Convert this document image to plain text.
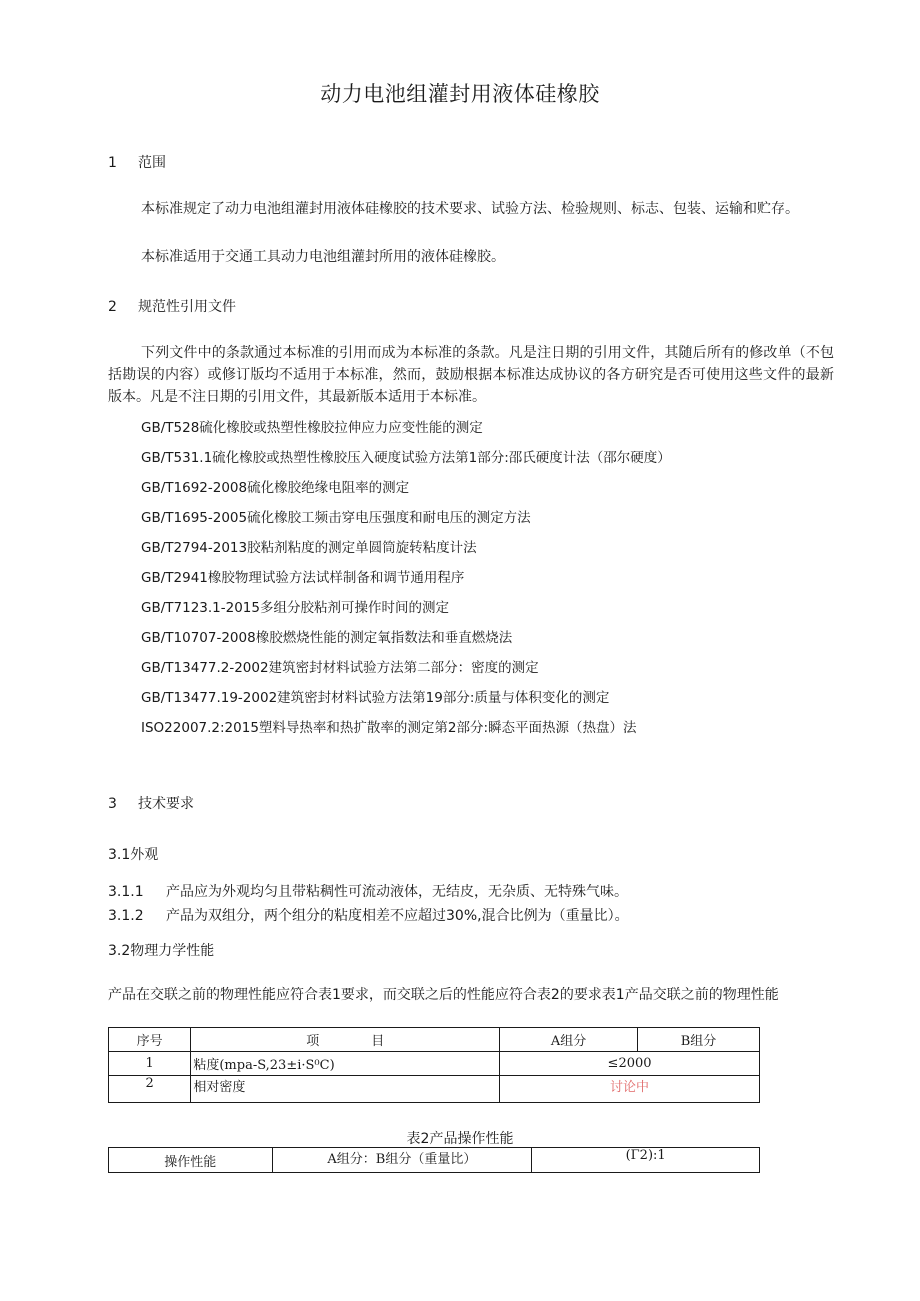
动力电池组灌封用液体硅橡胶
1 范围
本标准规定了动力电池组灌封用液体硅橡胶的技术要求、试验方法、检验规则、标志、包装、运输和贮存。
本标准适用于交通工具动力电池组灌封所用的液体硅橡胶。
2 规范性引用文件
下列文件中的条款通过本标准的引用而成为本标准的条款。凡是注日期的引用文件，其随后所有的修改单（不包括勘误的内容）或修订版均不适用于本标准，然而，鼓励根据本标准达成协议的各方研究是否可使用这些文件的最新版本。凡是不注日期的引用文件，其最新版本适用于本标准。
GB/T528硫化橡胶或热塑性橡胶拉伸应力应变性能的测定
GB/T531.1硫化橡胶或热塑性橡胶压入硬度试验方法第1部分:邵氏硬度计法（邵尔硬度）
GB/T1692-2008硫化橡胶绝缘电阻率的测定
GB/T1695-2005硫化橡胶工频击穿电压强度和耐电压的测定方法
GB/T2794-2013胶粘剂粘度的测定单圆筒旋转粘度计法
GB/T2941橡胶物理试验方法试样制备和调节通用程序
GB/T7123.1-2015多组分胶粘剂可操作时间的测定
GB/T10707-2008橡胶燃烧性能的测定氧指数法和垂直燃烧法
GB/T13477.2-2002建筑密封材料试验方法第二部分：密度的测定
GB/T13477.19-2002建筑密封材料试验方法第19部分:质量与体积变化的测定
ISO22007.2:2015塑料导热率和热扩散率的测定第2部分:瞬态平面热源（热盘）法
3 技术要求
3.1外观
3.1.1 产品应为外观均匀且带粘稠性可流动液体，无结皮，无杂质、无特殊气味。
3.1.2 产品为双组分，两个组分的粘度相差不应超过30%,混合比例为（重量比）。
3.2物理力学性能
产品在交联之前的物理性能应符合表1要求，而交联之后的性能应符合表2的要求表1产品交联之前的物理性能
序号	项　　　　目	A组分	B组分
1	粘度(mpa-S,23±i·S⁰C)	≤2000	
2	相对密度	讨论中	
表2产品操作性能
操作性能	A组分：B组分（重量比）	(Γ2):1
